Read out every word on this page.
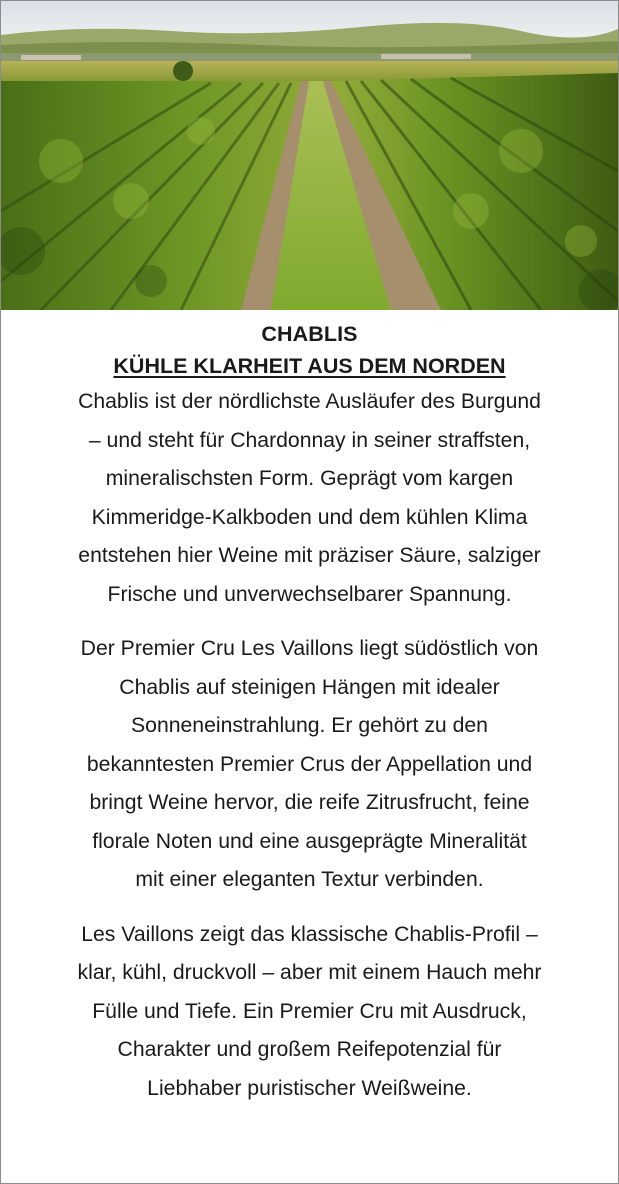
CHABLIS
KÜHLE KLARHEIT AUS DEM NORDEN

Chablis ist der nördlichste Ausläufer des Burgund
– und steht für Chardonnay in seiner straffsten,
mineralischsten Form. Geprägt vom kargen
Kimmeridge-Kalkboden und dem kühlen Klima
entstehen hier Weine mit präziser Säure, salziger
Frische und unverwechselbarer Spannung.

Der Premier Cru Les Vaillons liegt südöstlich von
Chablis auf steinigen Hängen mit idealer
Sonneneinstrahlung. Er gehört zu den
bekanntesten Premier Crus der Appellation und
bringt Weine hervor, die reife Zitrusfrucht, feine
florale Noten und eine ausgeprägte Mineralität
mit einer eleganten Textur verbinden.

Les Vaillons zeigt das klassische Chablis-Profil –
klar, kühl, druckvoll – aber mit einem Hauch mehr
Fülle und Tiefe. Ein Premier Cru mit Ausdruck,
Charakter und großem Reifepotenzial für
Liebhaber puristischer Weißweine.
